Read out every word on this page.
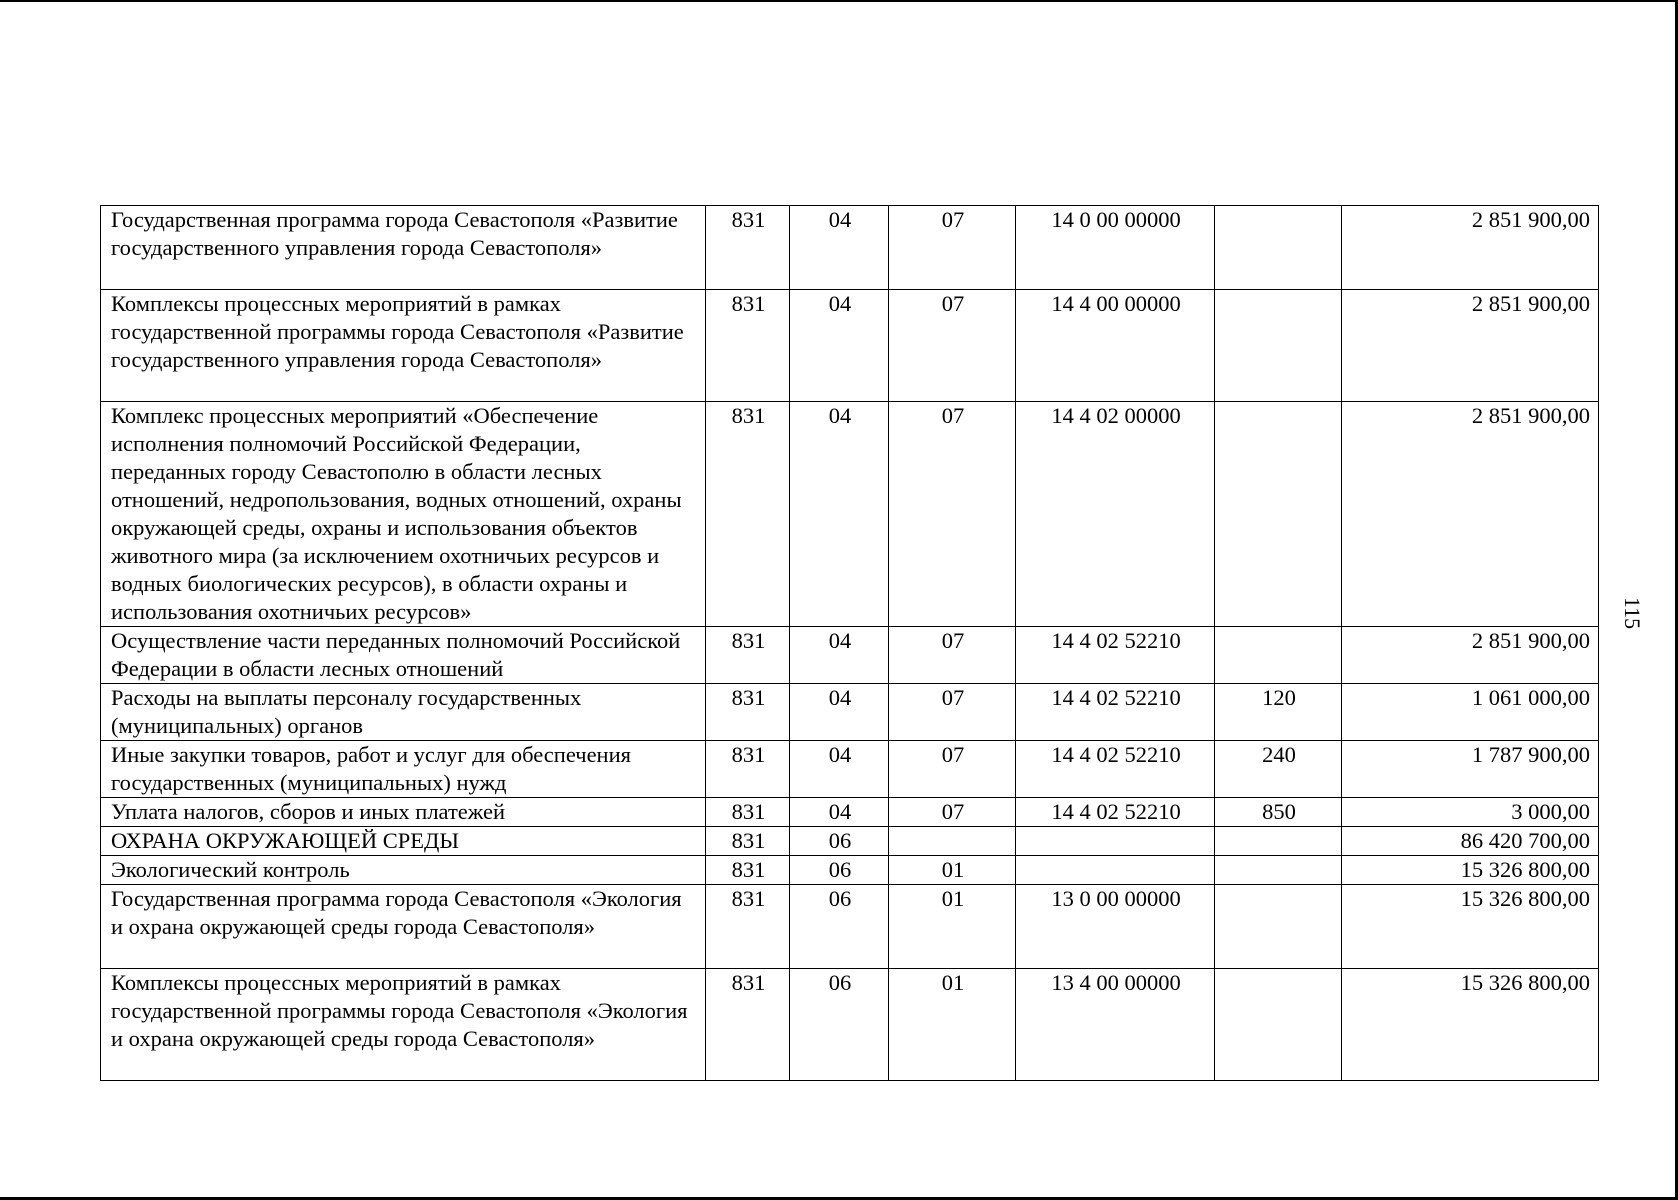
Государственная программа города Севастополя «Развитие государственного управления города Севастополя»	831	04	07	14 0 00 00000		2 851 900,00
Комплексы процессных мероприятий в рамках государственной программы города Севастополя «Развитие государственного управления города Севастополя»	831	04	07	14 4 00 00000		2 851 900,00
Комплекс процессных мероприятий «Обеспечение исполнения полномочий Российской Федерации, переданных городу Севастополю в области лесных отношений, недропользования, водных отношений, охраны окружающей среды, охраны и использования объектов животного мира (за исключением охотничьих ресурсов и водных биологических ресурсов), в области охраны и использования охотничьих ресурсов»	831	04	07	14 4 02 00000		2 851 900,00
Осуществление части переданных полномочий Российской Федерации в области лесных отношений	831	04	07	14 4 02 52210		2 851 900,00
Расходы на выплаты персоналу государственных (муниципальных) органов	831	04	07	14 4 02 52210	120	1 061 000,00
Иные закупки товаров, работ и услуг для обеспечения государственных (муниципальных) нужд	831	04	07	14 4 02 52210	240	1 787 900,00
Уплата налогов, сборов и иных платежей	831	04	07	14 4 02 52210	850	3 000,00
ОХРАНА ОКРУЖАЮЩЕЙ СРЕДЫ	831	06				86 420 700,00
Экологический контроль	831	06	01			15 326 800,00
Государственная программа города Севастополя «Экология и охрана окружающей среды города Севастополя»	831	06	01	13 0 00 00000		15 326 800,00
Комплексы процессных мероприятий в рамках государственной программы города Севастополя «Экология и охрана окружающей среды города Севастополя»	831	06	01	13 4 00 00000		15 326 800,00
115
